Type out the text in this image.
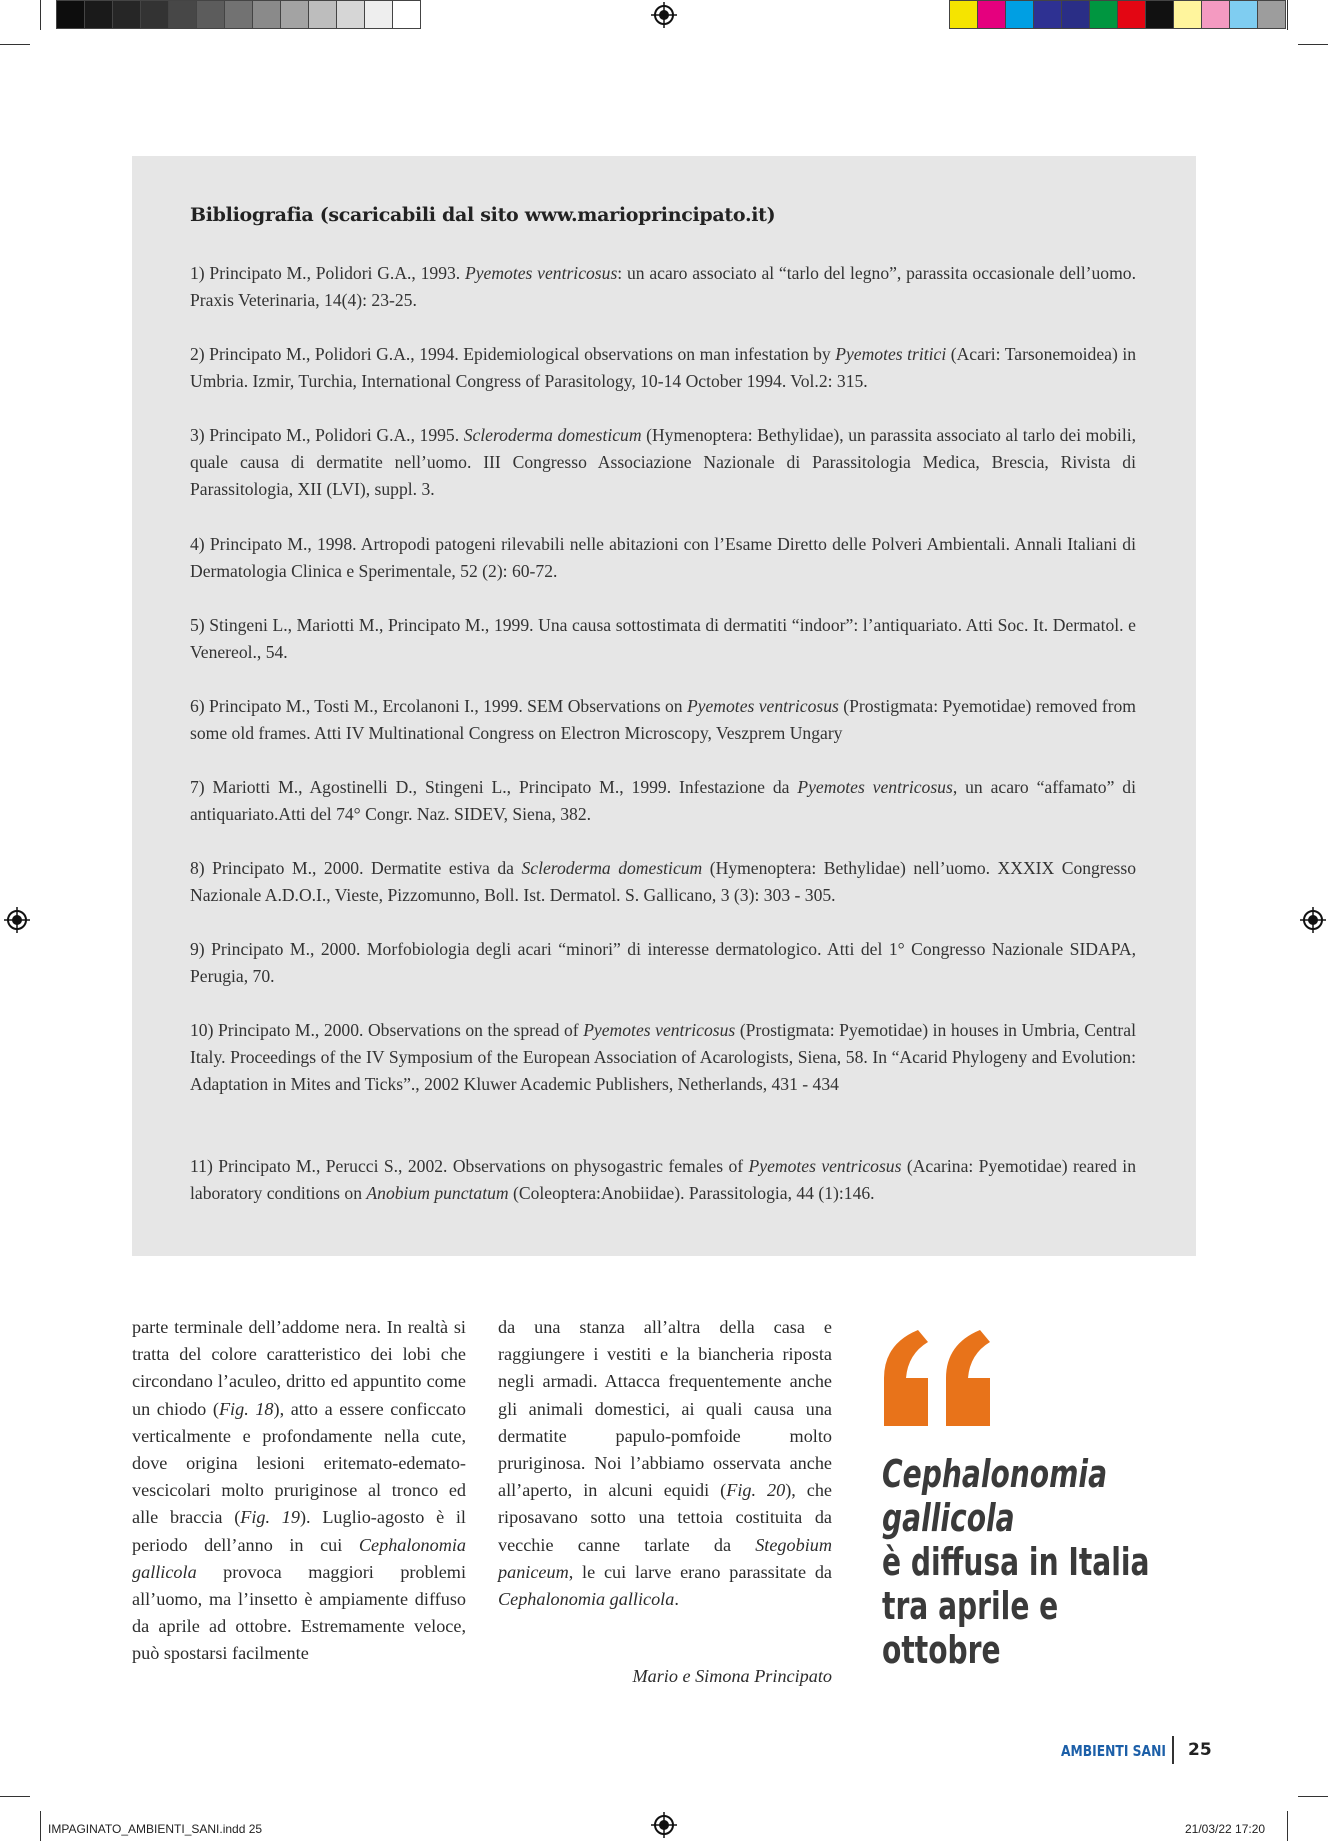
Bibliografia (scaricabili dal sito www.marioprincipato.it)

1) Principato M., Polidori G.A., 1993. Pyemotes ventricosus: un acaro associato al “tarlo del legno”, parassita occasionale dell’uomo. Praxis Veterinaria, 14(4): 23-25.

2) Principato M., Polidori G.A., 1994. Epidemiological observations on man infestation by Pyemotes tritici (Acari: Tarsonemoidea) in Umbria. Izmir, Turchia, International Congress of Parasitology, 10-14 October 1994. Vol.2: 315.

3) Principato M., Polidori G.A., 1995. Scleroderma domesticum (Hymenoptera: Bethylidae), un parassita associato al tarlo dei mobili, quale causa di dermatite nell’uomo. III Congresso Associazione Nazionale di Parassitologia Medica, Brescia, Rivista di Parassitologia, XII (LVI), suppl. 3.

4) Principato M., 1998. Artropodi patogeni rilevabili nelle abitazioni con l’Esame Diretto delle Polveri Ambientali. Annali Italiani di Dermatologia Clinica e Sperimentale, 52 (2): 60-72.

5) Stingeni L., Mariotti M., Principato M., 1999. Una causa sottostimata di dermatiti “indoor”: l’antiquariato. Atti Soc. It. Dermatol. e Venereol., 54.

6) Principato M., Tosti M., Ercolanoni I., 1999. SEM Observations on Pyemotes ventricosus (Prostigmata: Pyemotidae) removed from some old frames. Atti IV Multinational Congress on Electron Microscopy, Veszprem Ungary

7) Mariotti M., Agostinelli D., Stingeni L., Principato M., 1999. Infestazione da Pyemotes ventricosus, un acaro “affamato” di antiquariato.Atti del 74° Congr. Naz. SIDEV, Siena, 382.

8) Principato M., 2000. Dermatite estiva da Scleroderma domesticum (Hymenoptera: Bethylidae) nell’uomo. XXXIX Congresso Nazionale A.D.O.I., Vieste, Pizzomunno, Boll. Ist. Dermatol. S. Gallicano, 3 (3): 303 - 305.

9) Principato M., 2000. Morfobiologia degli acari “minori” di interesse dermatologico. Atti del 1° Congresso Nazionale SIDAPA, Perugia, 70.

10) Principato M., 2000. Observations on the spread of Pyemotes ventricosus (Prostigmata: Pyemotidae) in houses in Umbria, Central Italy. Proceedings of the IV Symposium of the European Association of Acarologists, Siena, 58. In “Acarid Phylogeny and Evolution: Adaptation in Mites and Ticks”., 2002 Kluwer Academic Publishers, Netherlands, 431 - 434

11) Principato M., Perucci S., 2002. Observations on physogastric females of Pyemotes ventricosus (Acarina: Pyemotidae) reared in laboratory conditions on Anobium punctatum (Coleoptera:Anobiidae). Parassitologia, 44 (1):146.

parte terminale dell’addome nera. In realtà si tratta del colore caratteristico dei lobi che circondano l’aculeo, dritto ed appuntito come un chiodo (Fig. 18), atto a essere conficcato verticalmente e profondamente nella cute, dove origina lesioni eritemato-edemato-vescicolari molto pruriginose al tronco ed alle braccia (Fig. 19). Luglio-agosto è il periodo dell’anno in cui Cephalonomia gallicola provoca maggiori problemi all’uomo, ma l’insetto è ampiamente diffuso da aprile ad ottobre. Estremamente veloce, può spostarsi facilmente

da una stanza all’altra della casa e raggiungere i vestiti e la biancheria riposta negli armadi. Attacca frequentemente anche gli animali domestici, ai quali causa una dermatite papulo-pomfoide molto pruriginosa. Noi l’abbiamo osservata anche all’aperto, in alcuni equidi (Fig. 20), che riposavano sotto una tettoia costituita da vecchie canne tarlate da Stegobium paniceum, le cui larve erano parassitate da Cephalonomia gallicola.

Mario e Simona Principato

Cephalonomia
gallicola
è diffusa in Italia
tra aprile e
ottobre
AMBIENTI SANI 25
IMPAGINATO_AMBIENTI_SANI.indd 25	21/03/22 17:20
